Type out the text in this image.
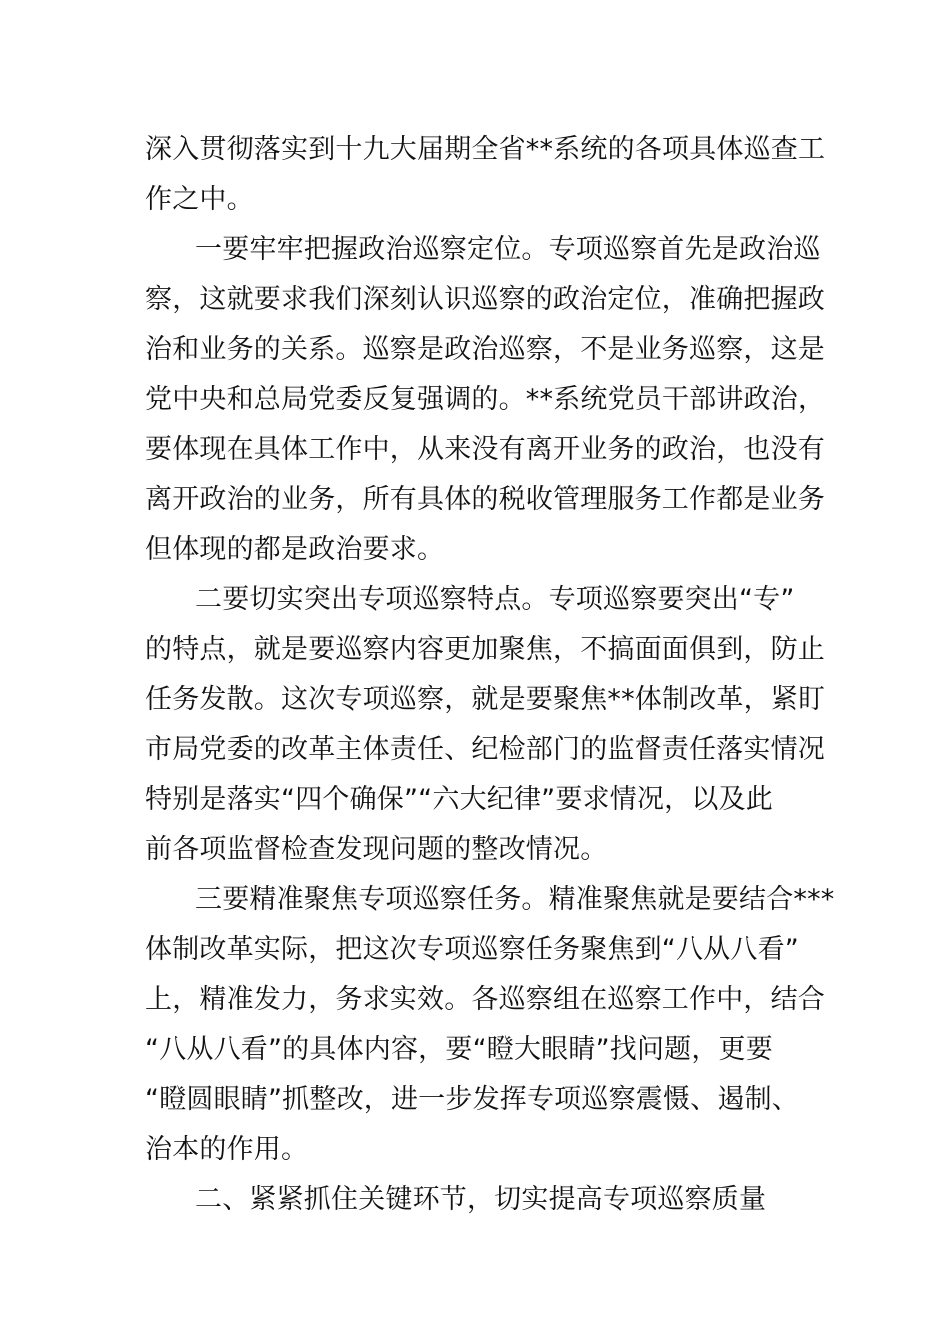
深入贯彻落实到十九大届期全省**系统的各项具体巡查工
作之中。
一要牢牢把握政治巡察定位。专项巡察首先是政治巡
察，这就要求我们深刻认识巡察的政治定位，准确把握政
治和业务的关系。巡察是政治巡察，不是业务巡察，这是
党中央和总局党委反复强调的。**系统党员干部讲政治，
要体现在具体工作中，从来没有离开业务的政治，也没有
离开政治的业务，所有具体的税收管理服务工作都是业务
但体现的都是政治要求。
二要切实突出专项巡察特点。专项巡察要突出“专”
的特点，就是要巡察内容更加聚焦，不搞面面俱到，防止
任务发散。这次专项巡察，就是要聚焦**体制改革，紧盯
市局党委的改革主体责任、纪检部门的监督责任落实情况
特别是落实“四个确保”“六大纪律”要求情况，以及此
前各项监督检查发现问题的整改情况。
三要精准聚焦专项巡察任务。精准聚焦就是要结合***
体制改革实际，把这次专项巡察任务聚焦到“八从八看”
上，精准发力，务求实效。各巡察组在巡察工作中，结合
“八从八看”的具体内容，要“瞪大眼睛”找问题，更要
“瞪圆眼睛”抓整改，进一步发挥专项巡察震慑、遏制、
治本的作用。
二、紧紧抓住关键环节，切实提高专项巡察质量
